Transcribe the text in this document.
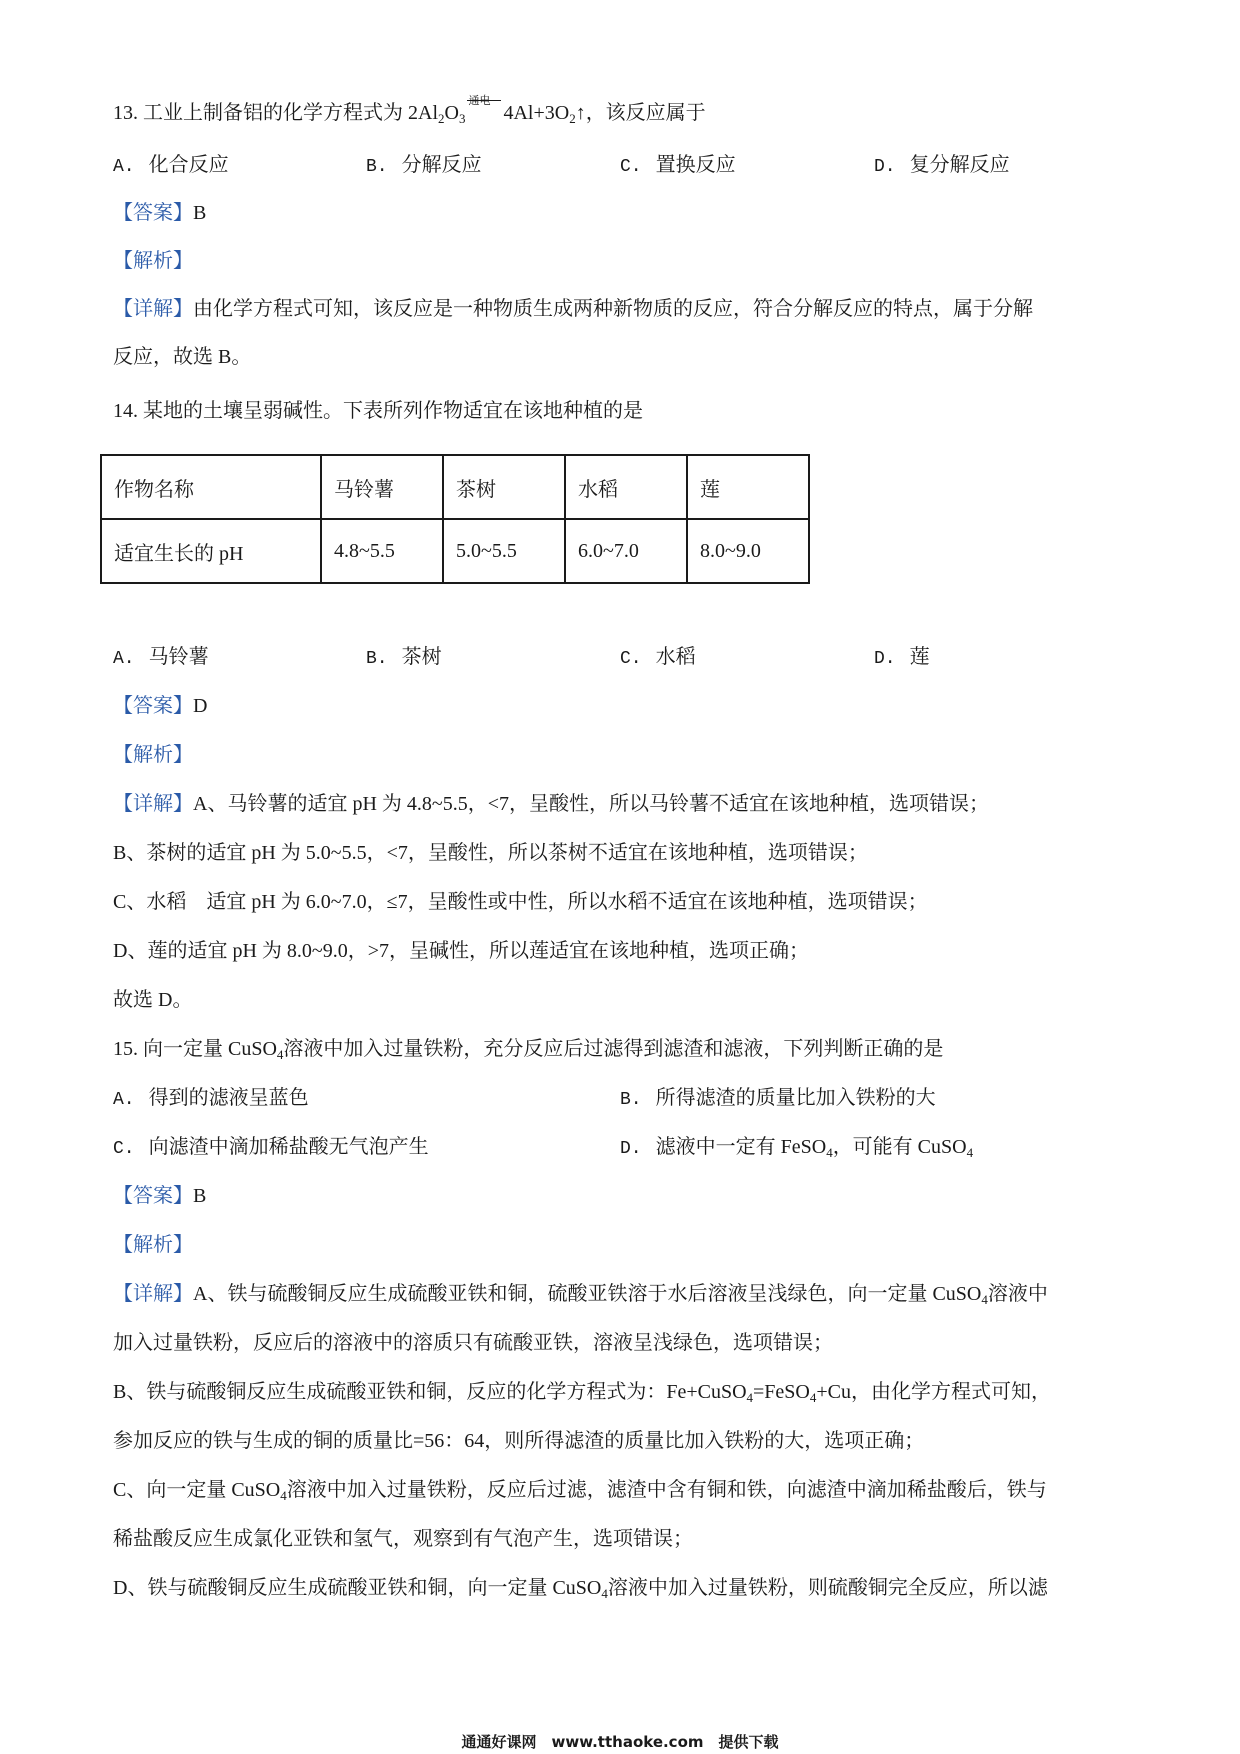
13. 工业上制备铝的化学方程式为 $2Al_2O_3$
通电
$4Al+3O_2↑$，该反应属于
A. 化合反应	B. 分解反应	C. 置换反应	D. 复分解反应
【答案】B
【解析】
【详解】由化学方程式可知，该反应是一种物质生成两种新物质的反应，符合分解反应的特点，属于分解
反应，故选 B。
14. 某地的土壤呈弱碱性。下表所列作物适宜在该地种植的是
作物名称	马铃薯	茶树	水稻	莲
适宜生长的 pH	4.8~5.5	5.0~5.5	6.0~7.0	8.0~9.0
A. 马铃薯	B. 茶树	C. 水稻	D. 莲
【答案】D
【解析】
【详解】A、马铃薯的适宜 pH 为 4.8~5.5，<7，呈酸性，所以马铃薯不适宜在该地种植，选项错误；
B、茶树的适宜 pH 为 5.0~5.5，<7，呈酸性，所以茶树不适宜在该地种植，选项错误；
C、水稻　适宜 pH 为 6.0~7.0，≤7，呈酸性或中性，所以水稻不适宜在该地种植，选项错误；
D、莲的适宜 pH 为 8.0~9.0，>7，呈碱性，所以莲适宜在该地种植，选项正确；
故选 D。
15. 向一定量 CuSO$_4$溶液中加入过量铁粉，充分反应后过滤得到滤渣和滤液，下列判断正确的是
A. 得到的滤液呈蓝色	B. 所得滤渣的质量比加入铁粉的大
C. 向滤渣中滴加稀盐酸无气泡产生	D. 滤液中一定有 FeSO$_4$，可能有 CuSO$_4$
【答案】B
【解析】
【详解】A、铁与硫酸铜反应生成硫酸亚铁和铜，硫酸亚铁溶于水后溶液呈浅绿色，向一定量 CuSO$_4$溶液中
加入过量铁粉，反应后的溶液中的溶质只有硫酸亚铁，溶液呈浅绿色，选项错误；
B、铁与硫酸铜反应生成硫酸亚铁和铜，反应的化学方程式为：Fe+CuSO$_4$=FeSO$_4$+Cu，由化学方程式可知，
参加反应的铁与生成的铜的质量比=56：64，则所得滤渣的质量比加入铁粉的大，选项正确；
C、向一定量 CuSO$_4$溶液中加入过量铁粉，反应后过滤，滤渣中含有铜和铁，向滤渣中滴加稀盐酸后，铁与
稀盐酸反应生成氯化亚铁和氢气，观察到有气泡产生，选项错误；
D、铁与硫酸铜反应生成硫酸亚铁和铜，向一定量 CuSO$_4$溶液中加入过量铁粉，则硫酸铜完全反应，所以滤
通通好课网　www.tthaoke.com　提供下载
